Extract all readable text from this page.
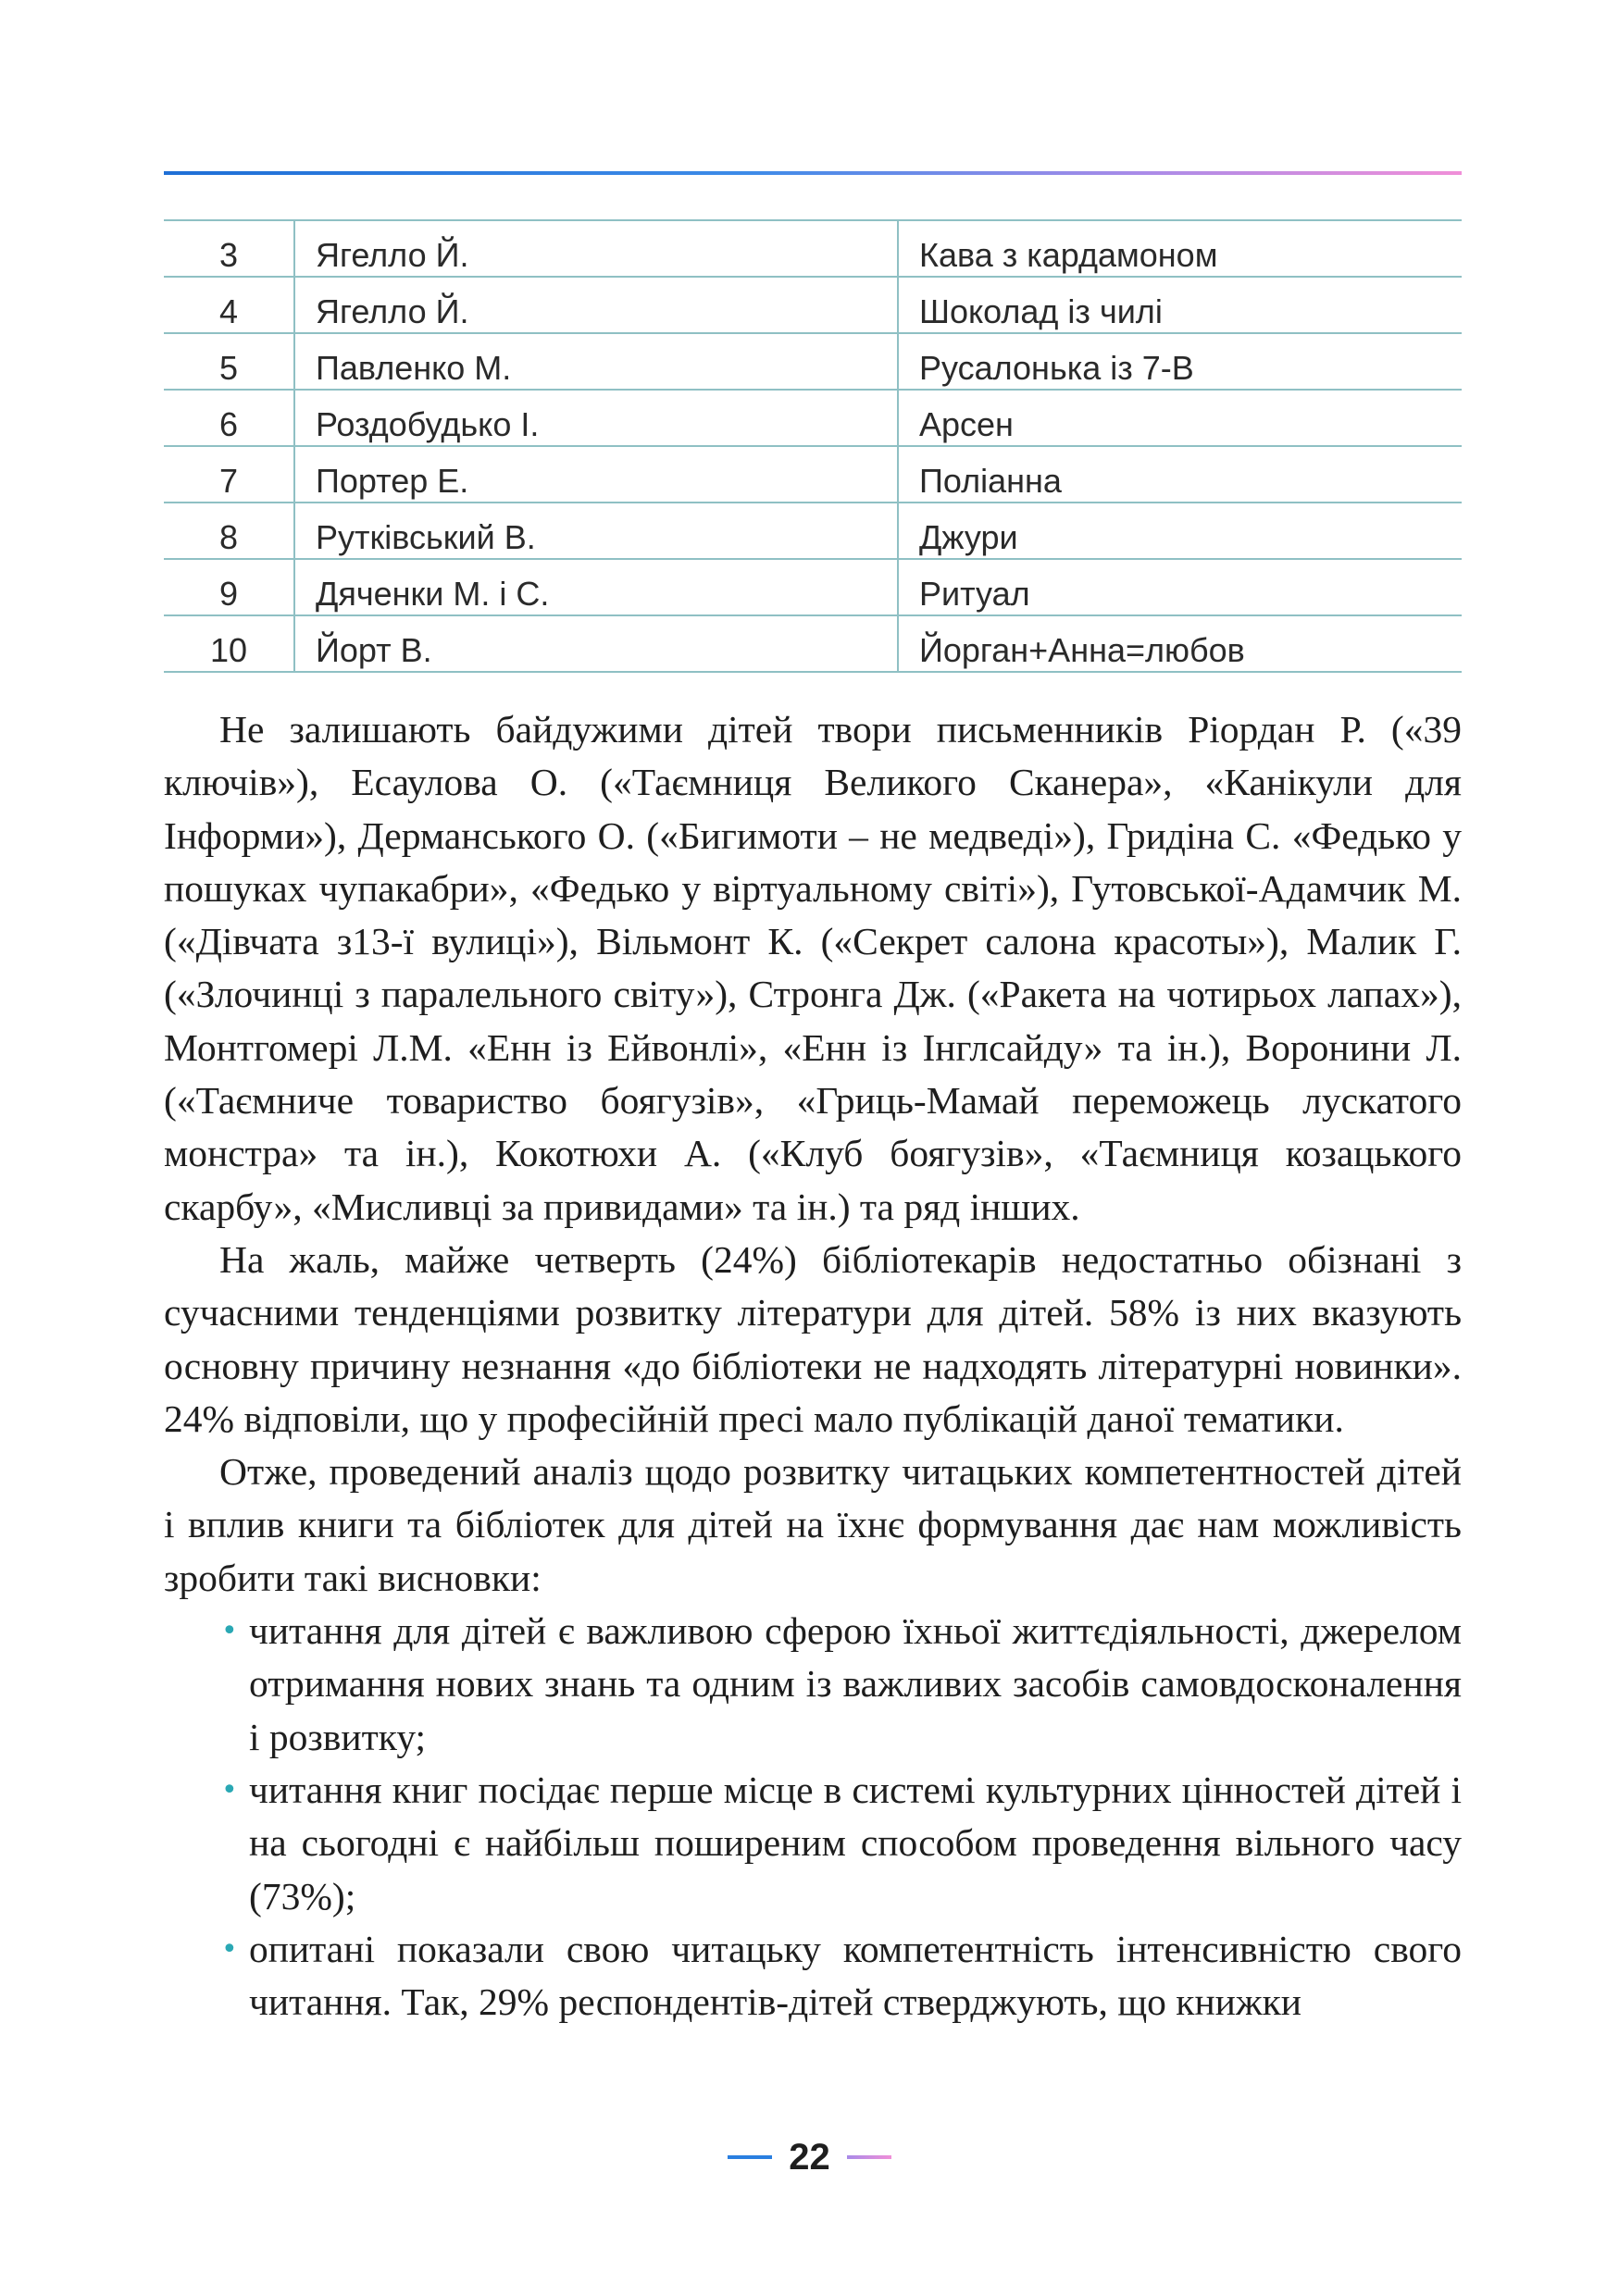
3	Ягелло Й.	Кава з кардамоном
4	Ягелло Й.	Шоколад із чилі
5	Павленко М.	Русалонька із 7-В
6	Роздобудько І.	Арсен
7	Портер Е.	Поліанна
8	Рутківський В.	Джури
9	Дяченки М. і С.	Ритуал
10	Йорт В.	Йорган+Анна=любов

Не залишають байдужими дітей твори письменників Ріордан Р. («39 ключів»), Есаулова О. («Таємниця Великого Сканера», «Канікули для Інформи»), Дерманського О. («Бигимоти – не медведі»), Гридіна С. «Федько у пошуках чупакабри», «Федько у віртуальному світі»), Гутовської-Адамчик М. («Дівчата з13-ї вулиці»), Вільмонт К. («Секрет салона красоты»), Малик Г. («Злочинці з паралельного світу»), Стронга Дж. («Ракета на чотирьох лапах»), Монтгомері Л.М. «Енн із Ейвонлі», «Енн із Інглсайду» та ін.), Воронини Л. («Таємниче товариство боягузів», «Гриць-Мамай переможець лускатого монстра» та ін.), Кокотюхи А. («Клуб боягузів», «Таємниця козацького скарбу», «Мисливці за привидами» та ін.) та ряд інших.

На жаль, майже четверть (24%) бібліотекарів недостатньо обізнані з сучасними тенденціями розвитку літератури для дітей. 58% із них вказують основну причину незнання «до бібліотеки не надходять літературні новинки». 24% відповіли, що у професійній пресі мало публікацій даної тематики.

Отже, проведений аналіз щодо розвитку читацьких компетентностей дітей і вплив книги та бібліотек для дітей на їхнє формування дає нам можливість зробити такі висновки:

• читання для дітей є важливою сферою їхньої життєдіяльності, джерелом отримання нових знань та одним із важливих засобів самовдосконалення і розвитку;
• читання книг посідає перше місце в системі культурних цінностей дітей і на сьогодні є найбільш поширеним способом проведення вільного часу (73%);
• опитані показали свою читацьку компетентність інтенсивністю свого читання. Так, 29% респондентів-дітей стверджують, що книжки
22
